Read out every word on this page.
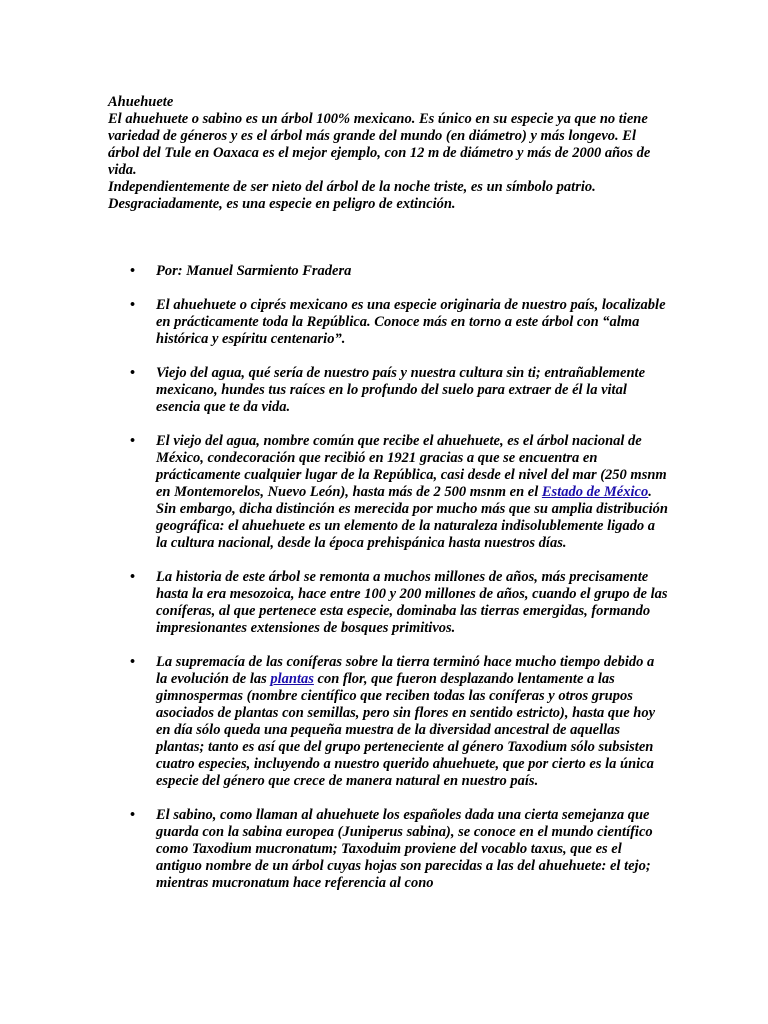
Ahuehuete

El ahuehuete o sabino es un árbol 100% mexicano. Es único en su especie ya que no tiene variedad de géneros y es el árbol más grande del mundo (en diámetro) y más longevo. El árbol del Tule en Oaxaca es el mejor ejemplo, con 12 m de diámetro y más de 2000 años de vida.

Independientemente de ser nieto del árbol de la noche triste, es un símbolo patrio. Desgraciadamente, es una especie en peligro de extinción.

• Por: Manuel Sarmiento Fradera
• El ahuehuete o ciprés mexicano es una especie originaria de nuestro país, localizable en prácticamente toda la República. Conoce más en torno a este árbol con “alma histórica y espíritu centenario”.
• Viejo del agua, qué sería de nuestro país y nuestra cultura sin ti; entrañablemente mexicano, hundes tus raíces en lo profundo del suelo para extraer de él la vital esencia que te da vida.
• El viejo del agua, nombre común que recibe el ahuehuete, es el árbol nacional de México, condecoración que recibió en 1921 gracias a que se encuentra en prácticamente cualquier lugar de la República, casi desde el nivel del mar (250 msnm en Montemorelos, Nuevo León), hasta más de 2 500 msnm en el Estado de México. Sin embargo, dicha distinción es merecida por mucho más que su amplia distribución geográfica: el ahuehuete es un elemento de la naturaleza indisolublemente ligado a la cultura nacional, desde la época prehispánica hasta nuestros días.
• La historia de este árbol se remonta a muchos millones de años, más precisamente hasta la era mesozoica, hace entre 100 y 200 millones de años, cuando el grupo de las coníferas, al que pertenece esta especie, dominaba las tierras emergidas, formando impresionantes extensiones de bosques primitivos.
• La supremacía de las coníferas sobre la tierra terminó hace mucho tiempo debido a la evolución de las plantas con flor, que fueron desplazando lentamente a las gimnospermas (nombre científico que reciben todas las coníferas y otros grupos asociados de plantas con semillas, pero sin flores en sentido estricto), hasta que hoy en día sólo queda una pequeña muestra de la diversidad ancestral de aquellas plantas; tanto es así que del grupo perteneciente al género Taxodium sólo subsisten cuatro especies, incluyendo a nuestro querido ahuehuete, que por cierto es la única especie del género que crece de manera natural en nuestro país.
• El sabino, como llaman al ahuehuete los españoles dada una cierta semejanza que guarda con la sabina europea (Juniperus sabina), se conoce en el mundo científico como Taxodium mucronatum; Taxoduim proviene del vocablo taxus, que es el antiguo nombre de un árbol cuyas hojas son parecidas a las del ahuehuete: el tejo; mientras mucronatum hace referencia al cono
